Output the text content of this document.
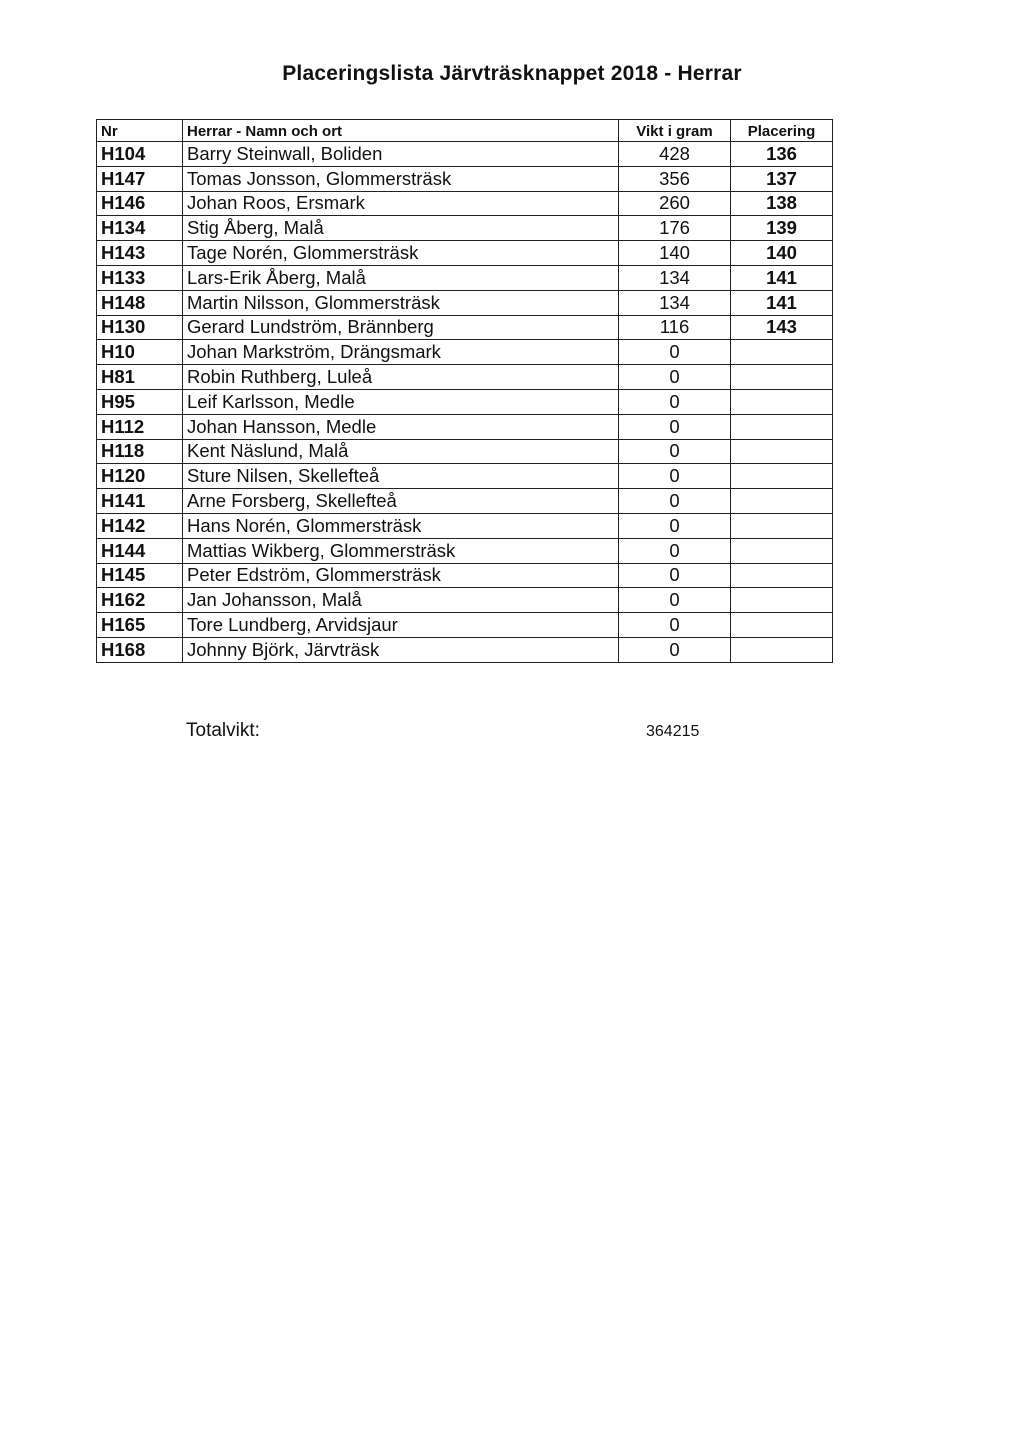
Placeringslista Järvträsknappet 2018 - Herrar
Nr	Herrar - Namn och ort	Vikt i gram	Placering
H104	Barry Steinwall, Boliden	428	136
H147	Tomas Jonsson, Glommersträsk	356	137
H146	Johan Roos, Ersmark	260	138
H134	Stig Åberg, Malå	176	139
H143	Tage Norén, Glommersträsk	140	140
H133	Lars-Erik Åberg, Malå	134	141
H148	Martin Nilsson, Glommersträsk	134	141
H130	Gerard Lundström, Brännberg	116	143
H10	Johan Markström, Drängsmark	0	
H81	Robin Ruthberg, Luleå	0	
H95	Leif Karlsson, Medle	0	
H112	Johan Hansson, Medle	0	
H118	Kent Näslund, Malå	0	
H120	Sture Nilsen, Skellefteå	0	
H141	Arne Forsberg, Skellefteå	0	
H142	Hans Norén, Glommersträsk	0	
H144	Mattias Wikberg, Glommersträsk	0	
H145	Peter Edström, Glommersträsk	0	
H162	Jan Johansson, Malå	0	
H165	Tore Lundberg, Arvidsjaur	0	
H168	Johnny Björk, Järvträsk	0	
Totalvikt:	364215
